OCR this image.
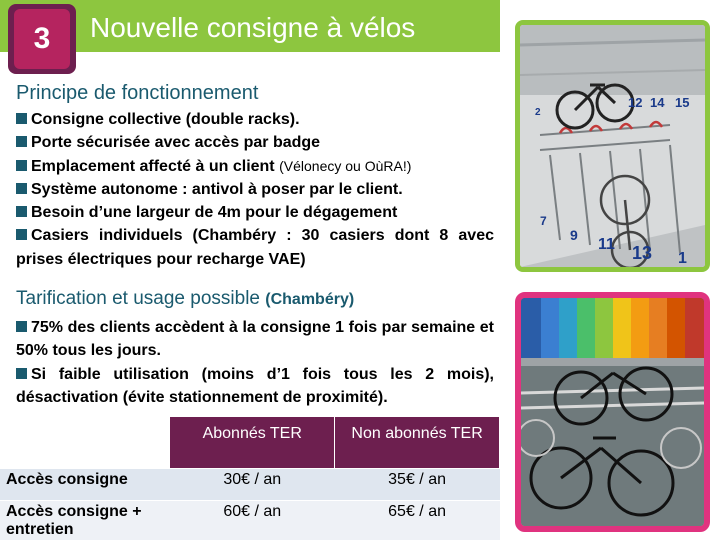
3	Nouvelle consigne à vélos
Principe de fonctionnement

Consigne collective (double racks).

Porte sécurisée avec accès par badge

Emplacement affecté à un client (Vélonecy ou OùRA!)

Système autonome : antivol à poser par le client.

Besoin d’une largeur de 4m pour le dégagement

Casiers individuels (Chambéry : 30 casiers dont 8 avec prises électriques pour recharge VAE)

Tarification et usage possible (Chambéry)

75% des clients accèdent à la consigne 1 fois par semaine et 50% tous les jours.

Si faible utilisation (moins d’1 fois tous les 2 mois), désactivation (évite stationnement de proximité).

	Abonnés TER	Non abonnés TER
Accès consigne	30€ / an	35€ / an
Accès consigne + entretien	60€ / an	65€ / an
2
12 14 15
7
9
11 13 1
